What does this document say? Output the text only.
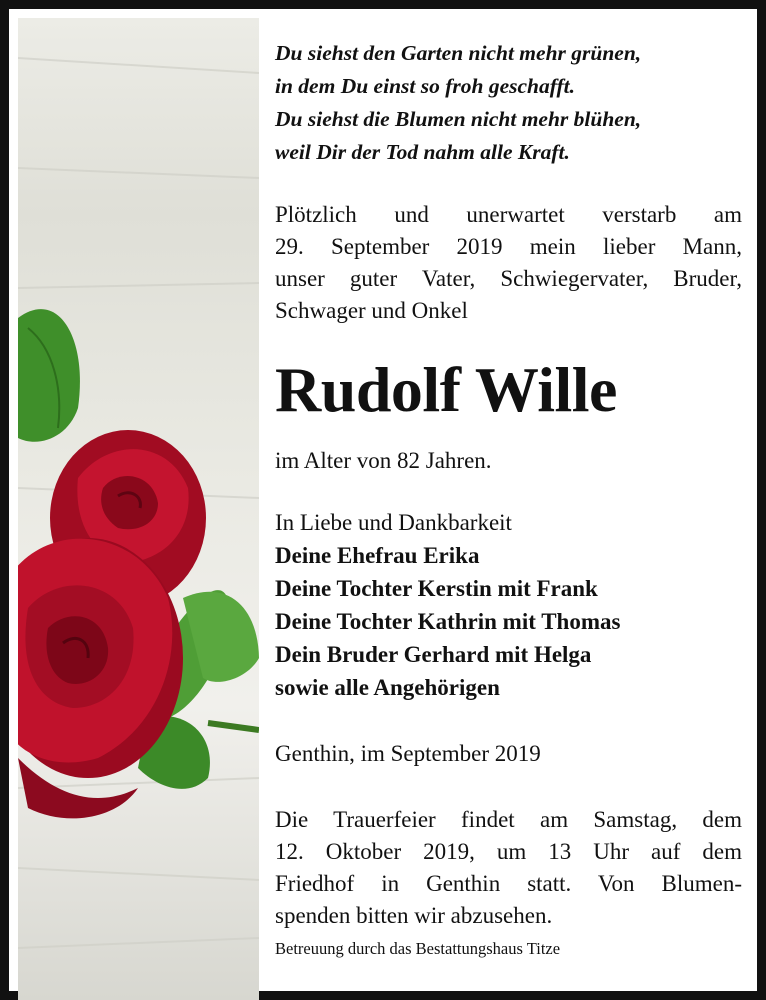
Du siehst den Garten nicht mehr grünen,
in dem Du einst so froh geschafft.
Du siehst die Blumen nicht mehr blühen,
weil Dir der Tod nahm alle Kraft.
Plötzlich und unerwartet verstarb am
29. September 2019 mein lieber Mann,
unser guter Vater, Schwiegervater, Bruder,
Schwager und Onkel
Rudolf Wille
im Alter von 82 Jahren.
In Liebe und Dankbarkeit
Deine Ehefrau Erika
Deine Tochter Kerstin mit Frank
Deine Tochter Kathrin mit Thomas
Dein Bruder Gerhard mit Helga
sowie alle Angehörigen
Genthin, im September 2019
Die Trauerfeier findet am Samstag, dem
12. Oktober 2019, um 13 Uhr auf dem
Friedhof in Genthin statt. Von Blumen-
spenden bitten wir abzusehen.
Betreuung durch das Bestattungshaus Titze
